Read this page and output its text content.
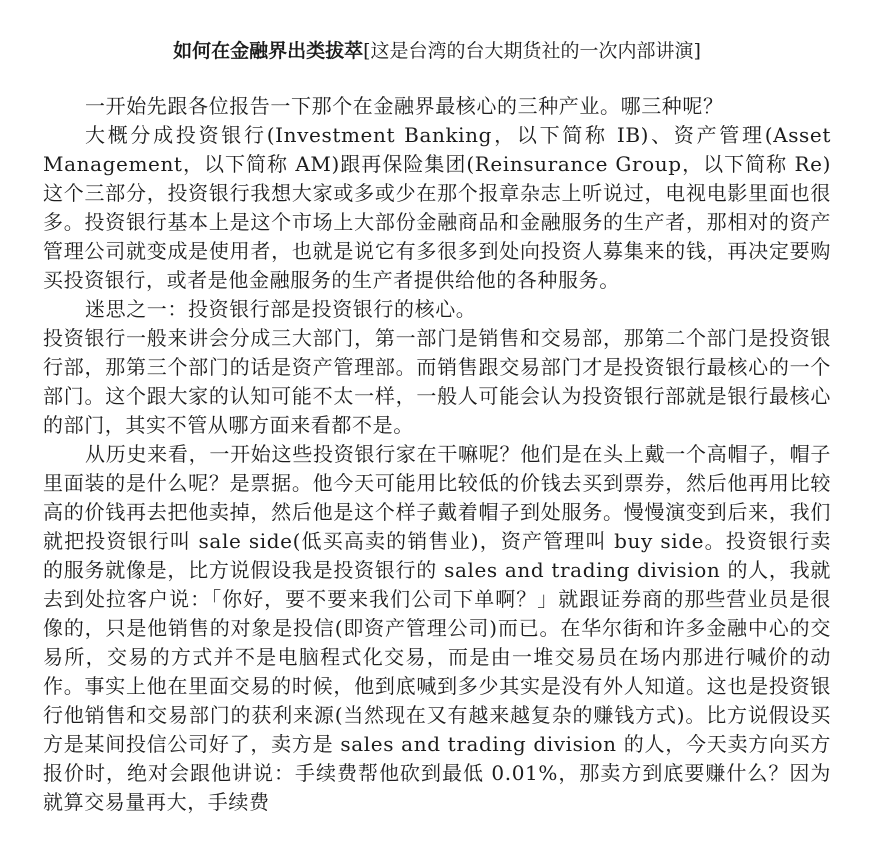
如何在金融界出类拔萃[这是台湾的台大期货社的一次内部讲演]

一开始先跟各位报告一下那个在金融界最核心的三种产业。哪三种呢？

大概分成投资银行(Investment Banking，以下简称 IB)、资产管理(Asset Management，以下简称 AM)跟再保险集团(Reinsurance Group，以下简称 Re)这个三部分，投资银行我想大家或多或少在那个报章杂志上听说过，电视电影里面也很多。投资银行基本上是这个市场上大部份金融商品和金融服务的生产者，那相对的资产管理公司就变成是使用者，也就是说它有多很多到处向投资人募集来的钱，再决定要购买投资银行，或者是他金融服务的生产者提供给他的各种服务。

迷思之一：投资银行部是投资银行的核心。

投资银行一般来讲会分成三大部门，第一部门是销售和交易部，那第二个部门是投资银行部，那第三个部门的话是资产管理部。而销售跟交易部门才是投资银行最核心的一个部门。这个跟大家的认知可能不太一样，一般人可能会认为投资银行部就是银行最核心的部门，其实不管从哪方面来看都不是。

从历史来看，一开始这些投资银行家在干嘛呢？他们是在头上戴一个高帽子，帽子里面装的是什么呢？是票据。他今天可能用比较低的价钱去买到票券，然后他再用比较高的价钱再去把他卖掉，然后他是这个样子戴着帽子到处服务。慢慢演变到后来，我们就把投资银行叫 sale side(低买高卖的销售业)，资产管理叫 buy side。投资银行卖的服务就像是，比方说假设我是投资银行的 sales and trading division 的人，我就去到处拉客户说：「你好，要不要来我们公司下单啊？」就跟证券商的那些营业员是很像的，只是他销售的对象是投信(即资产管理公司)而已。在华尔街和许多金融中心的交易所，交易的方式并不是电脑程式化交易，而是由一堆交易员在场内那进行喊价的动作。事实上他在里面交易的时候，他到底喊到多少其实是没有外人知道。这也是投资银行他销售和交易部门的获利来源(当然现在又有越来越复杂的赚钱方式)。比方说假设买方是某间投信公司好了，卖方是 sales and trading division 的人，今天卖方向买方报价时，绝对会跟他讲说：手续费帮他砍到最低 0.01%，那卖方到底要赚什么？因为就算交易量再大，手续费
